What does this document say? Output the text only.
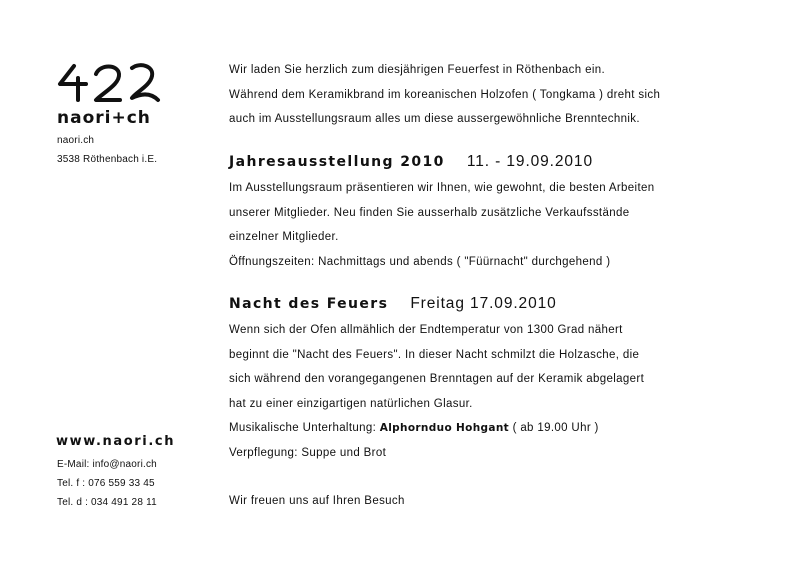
naori+ch
naori.ch
3538 Röthenbach i.E.
www.naori.ch
E-Mail: info@naori.ch
Tel. f : 076 559 33 45
Tel. d : 034 491 28 11
Wir laden Sie herzlich zum diesjährigen Feuerfest in Röthenbach ein.
Während dem Keramikbrand im koreanischen Holzofen ( Tongkama ) dreht sich
auch im Ausstellungsraum alles um diese aussergewöhnliche Brenntechnik.
Jahresausstellung 2010 11. - 19.09.2010
Im Ausstellungsraum präsentieren wir Ihnen, wie gewohnt, die besten Arbeiten
unserer Mitglieder. Neu finden Sie ausserhalb zusätzliche Verkaufsstände
einzelner Mitglieder.
Öffnungszeiten: Nachmittags und abends ( "Füürnacht" durchgehend )
Nacht des Feuers Freitag 17.09.2010
Wenn sich der Ofen allmählich der Endtemperatur von 1300 Grad nähert
beginnt die "Nacht des Feuers". In dieser Nacht schmilzt die Holzasche, die
sich während den vorangegangenen Brenntagen auf der Keramik abgelagert
hat zu einer einzigartigen natürlichen Glasur.
Musikalische Unterhaltung: Alphornduo Hohgant ( ab 19.00 Uhr )
Verpflegung: Suppe und Brot
Wir freuen uns auf Ihren Besuch
